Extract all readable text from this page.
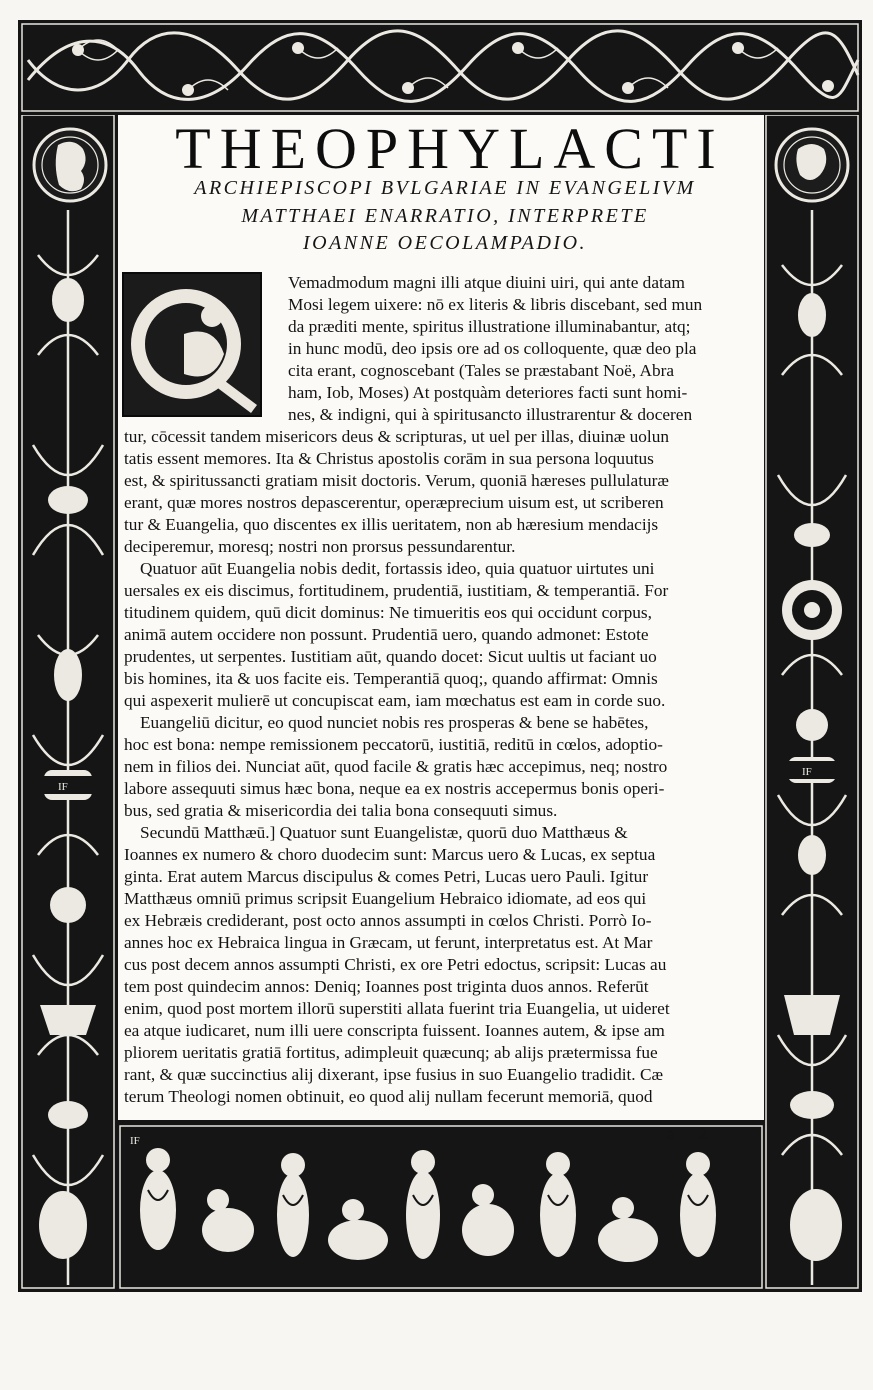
IF
IF
IF
THEOPHYLACTI
ARCHIEPISCOPI BVLGARIAE IN EVANGELIVM
MATTHAEI ENARRATIO, INTERPRETE
IOANNE OECOLAMPADIO.
Vemadmodum magni illi atque diuini uiri, qui ante datam
Mosi legem uixere: nō ex literis & libris discebant, sed mun
da præditi mente, spiritus illustratione illuminabantur, atq;
in hunc modū, deo ipsis ore ad os colloquente, quæ deo pla
cita erant, cognoscebant (Tales se præstabant Noë, Abra
ham, Iob, Moses) At postquàm deteriores facti sunt homi-
nes, & indigni, qui à spiritusancto illustrarentur & doceren
tur, cōcessit tandem misericors deus & scripturas, ut uel per illas, diuinæ uolun
tatis essent memores. Ita & Christus apostolis corām in sua persona loquutus
est, & spiritussancti gratiam misit doctoris. Verum, quoniā hæreses pullulaturæ
erant, quæ mores nostros depascerentur, operæprecium uisum est, ut scriberen
tur & Euangelia, quo discentes ex illis ueritatem, non ab hæresium mendacijs
deciperemur, moresq; nostri non prorsus pessundarentur.
Quatuor aūt Euangelia nobis dedit, fortassis ideo, quia quatuor uirtutes uni
uersales ex eis discimus, fortitudinem, prudentiā, iustitiam, & temperantiā. For
titudinem quidem, quū dicit dominus: Ne timueritis eos qui occidunt corpus,
animā autem occidere non possunt. Prudentiā uero, quando admonet: Estote
prudentes, ut serpentes. Iustitiam aūt, quando docet: Sicut uultis ut faciant uo
bis homines, ita & uos facite eis. Temperantiā quoq;, quando affirmat: Omnis
qui aspexerit mulierē ut concupiscat eam, iam mœchatus est eam in corde suo.
Euangeliū dicitur, eo quod nunciet nobis res prosperas & bene se habētes,
hoc est bona: nempe remissionem peccatorū, iustitiā, reditū in cœlos, adoptio-
nem in filios dei. Nunciat aūt, quod facile & gratis hæc accepimus, neq; nostro
labore assequuti simus hæc bona, neque ea ex nostris accepermus bonis operi-
bus, sed gratia & misericordia dei talia bona consequuti simus.
Secundū Matthæū.] Quatuor sunt Euangelistæ, quorū duo Matthæus &
Ioannes ex numero & choro duodecim sunt: Marcus uero & Lucas, ex septua
ginta. Erat autem Marcus discipulus & comes Petri, Lucas uero Pauli. Igitur
Matthæus omniū primus scripsit Euangelium Hebraico idiomate, ad eos qui
ex Hebræis crediderant, post octo annos assumpti in cœlos Christi. Porrò Io-
annes hoc ex Hebraica lingua in Græcam, ut ferunt, interpretatus est. At Mar
cus post decem annos assumpti Christi, ex ore Petri edoctus, scripsit: Lucas au
tem post quindecim annos: Deniq; Ioannes post triginta duos annos. Referūt
enim, quod post mortem illorū superstiti allata fuerint tria Euangelia, ut uideret
ea atque iudicaret, num illi uere conscripta fuissent. Ioannes autem, & ipse am
pliorem ueritatis gratiā fortitus, adimpleuit quæcunq; ab alijs prætermissa fue
rant, & quæ succinctius alij dixerant, ipse fusius in suo Euangelio tradidit. Cæ
terum Theologi nomen obtinuit, eo quod alij nullam fecerunt memoriā, quod
a 2
